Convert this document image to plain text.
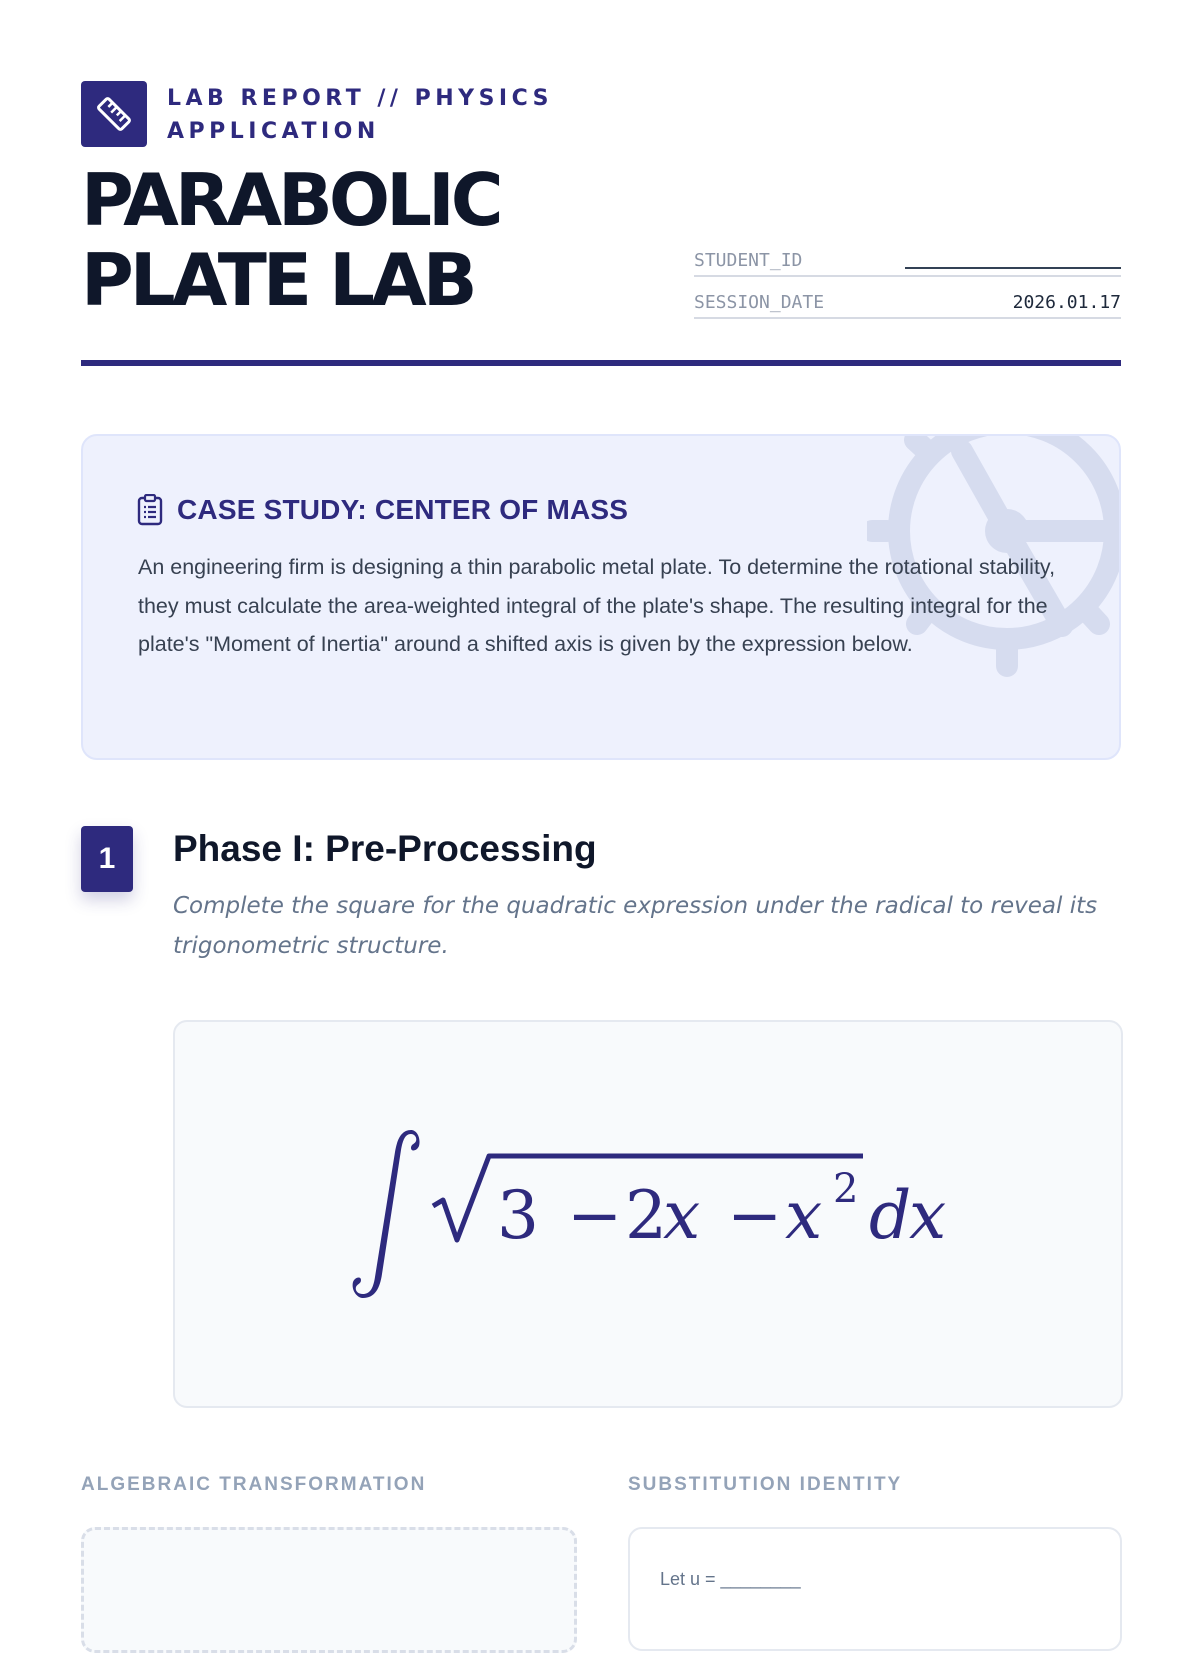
LAB REPORT // PHYSICS APPLICATION
PARABOLIC
PLATE LAB	STUDENT_ID
SESSION_DATE	2026.01.17
CASE STUDY: CENTER OF MASS

An engineering firm is designing a thin parabolic metal plate. To determine the rotational stability, they must calculate the area-weighted integral of the plate's shape. The resulting integral for the plate's "Moment of Inertia" around a shifted axis is given by the expression below.

1	Phase I: Pre-Processing

Complete the square for the quadratic expression under the radical to reveal its trigonometric structure.

3 − 2
x − x 2 d
x
ALGEBRAIC TRANSFORMATION	SUBSTITUTION IDENTITY
Let u = ________
